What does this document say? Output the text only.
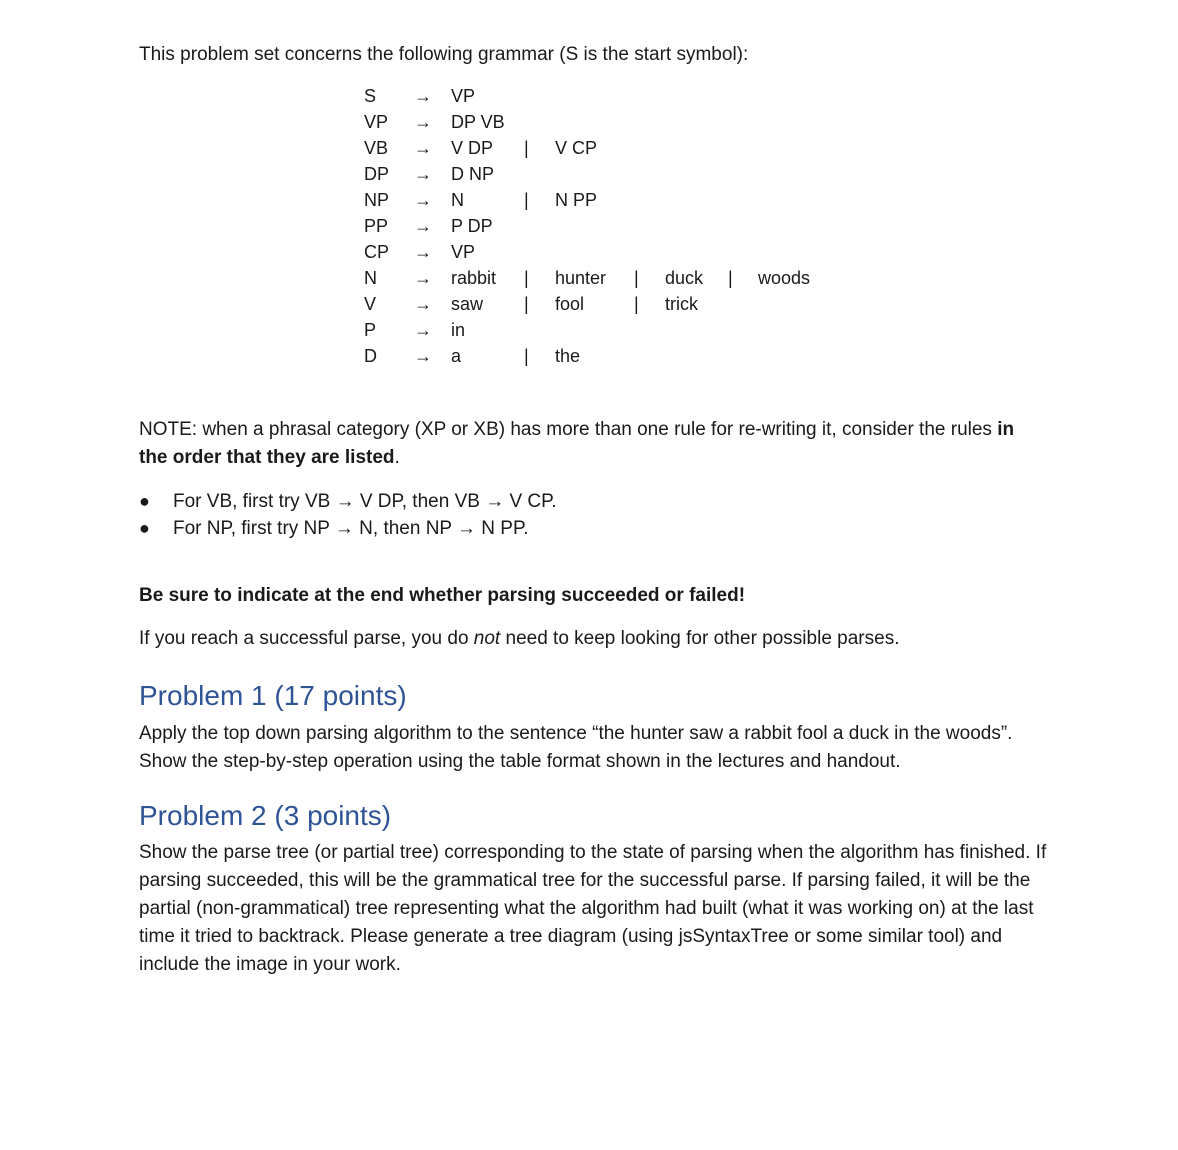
This problem set concerns the following grammar (S is the start symbol):

S → VP
VP → DP VB
VB → V DP | V CP
DP → D NP
NP → N	| N PP
PP → P DP
CP → VP
N → rabbit | hunter | duck | woods
V → saw | fool	| trick
P → in
D → a	| the

NOTE: when a phrasal category (XP or XB) has more than one rule for re-writing it, consider the rules in the order that they are listed.

● For VB, first try VB → V DP, then VB → V CP.
● For NP, first try NP → N, then NP → N PP.

Be sure to indicate at the end whether parsing succeeded or failed!

If you reach a successful parse, you do not need to keep looking for other possible parses.

Problem 1 (17 points)

Apply the top down parsing algorithm to the sentence “the hunter saw a rabbit fool a duck in the woods”. Show the step-by-step operation using the table format shown in the lectures and handout.

Problem 2 (3 points)

Show the parse tree (or partial tree) corresponding to the state of parsing when the algorithm has finished. If parsing succeeded, this will be the grammatical tree for the successful parse. If parsing failed, it will be the partial (non-grammatical) tree representing what the algorithm had built (what it was working on) at the last time it tried to backtrack. Please generate a tree diagram (using jsSyntaxTree or some similar tool) and include the image in your work.
